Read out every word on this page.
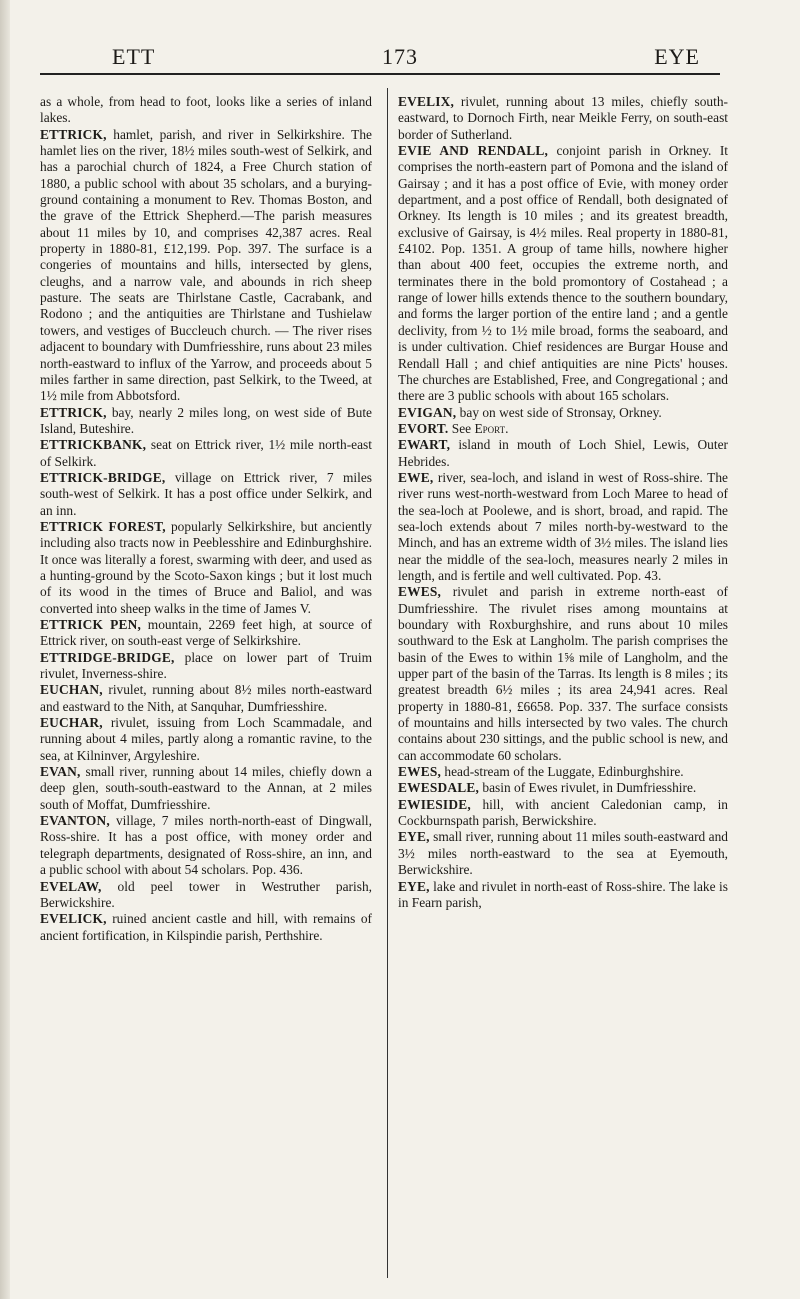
ETT	173	EYE

as a whole, from head to foot, looks like a series of inland lakes.

ETTRICK, hamlet, parish, and river in Selkirkshire. The hamlet lies on the river, 18½ miles south-west of Selkirk, and has a parochial church of 1824, a Free Church station of 1880, a public school with about 35 scholars, and a burying-ground containing a monument to Rev. Thomas Boston, and the grave of the Ettrick Shepherd.—The parish measures about 11 miles by 10, and comprises 42,387 acres. Real property in 1880-81, £12,199. Pop. 397. The surface is a congeries of mountains and hills, intersected by glens, cleughs, and a narrow vale, and abounds in rich sheep pasture. The seats are Thirlstane Castle, Cacrabank, and Rodono ; and the antiquities are Thirlstane and Tushielaw towers, and vestiges of Buccleuch church. — The river rises adjacent to boundary with Dumfriesshire, runs about 23 miles north-eastward to influx of the Yarrow, and proceeds about 5 miles farther in same direction, past Selkirk, to the Tweed, at 1½ mile from Abbotsford.

ETTRICK, bay, nearly 2 miles long, on west side of Bute Island, Buteshire.

ETTRICKBANK, seat on Ettrick river, 1½ mile north-east of Selkirk.

ETTRICK-BRIDGE, village on Ettrick river, 7 miles south-west of Selkirk. It has a post office under Selkirk, and an inn.

ETTRICK FOREST, popularly Selkirkshire, but anciently including also tracts now in Peeblesshire and Edinburghshire. It once was literally a forest, swarming with deer, and used as a hunting-ground by the Scoto-Saxon kings ; but it lost much of its wood in the times of Bruce and Baliol, and was converted into sheep walks in the time of James V.

ETTRICK PEN, mountain, 2269 feet high, at source of Ettrick river, on south-east verge of Selkirkshire.

ETTRIDGE-BRIDGE, place on lower part of Truim rivulet, Inverness-shire.

EUCHAN, rivulet, running about 8½ miles north-eastward and eastward to the Nith, at Sanquhar, Dumfriesshire.

EUCHAR, rivulet, issuing from Loch Scammadale, and running about 4 miles, partly along a romantic ravine, to the sea, at Kilninver, Argyleshire.

EVAN, small river, running about 14 miles, chiefly down a deep glen, south-south-eastward to the Annan, at 2 miles south of Moffat, Dumfriesshire.

EVANTON, village, 7 miles north-north-east of Dingwall, Ross-shire. It has a post office, with money order and telegraph departments, designated of Ross-shire, an inn, and a public school with about 54 scholars. Pop. 436.

EVELAW, old peel tower in Westruther parish, Berwickshire.

EVELICK, ruined ancient castle and hill, with remains of ancient fortification, in Kilspindie parish, Perthshire.

EVELIX, rivulet, running about 13 miles, chiefly south-eastward, to Dornoch Firth, near Meikle Ferry, on south-east border of Sutherland.

EVIE AND RENDALL, conjoint parish in Orkney. It comprises the north-eastern part of Pomona and the island of Gairsay ; and it has a post office of Evie, with money order department, and a post office of Rendall, both designated of Orkney. Its length is 10 miles ; and its greatest breadth, exclusive of Gairsay, is 4½ miles. Real property in 1880-81, £4102. Pop. 1351. A group of tame hills, nowhere higher than about 400 feet, occupies the extreme north, and terminates there in the bold promontory of Costahead ; a range of lower hills extends thence to the southern boundary, and forms the larger portion of the entire land ; and a gentle declivity, from ½ to 1½ mile broad, forms the seaboard, and is under cultivation. Chief residences are Burgar House and Rendall Hall ; and chief antiquities are nine Picts' houses. The churches are Established, Free, and Congregational ; and there are 3 public schools with about 165 scholars.

EVIGAN, bay on west side of Stronsay, Orkney.

EVORT. See Eport.

EWART, island in mouth of Loch Shiel, Lewis, Outer Hebrides.

EWE, river, sea-loch, and island in west of Ross-shire. The river runs west-north-westward from Loch Maree to head of the sea-loch at Poolewe, and is short, broad, and rapid. The sea-loch extends about 7 miles north-by-westward to the Minch, and has an extreme width of 3½ miles. The island lies near the middle of the sea-loch, measures nearly 2 miles in length, and is fertile and well cultivated. Pop. 43.

EWES, rivulet and parish in extreme north-east of Dumfriesshire. The rivulet rises among mountains at boundary with Roxburghshire, and runs about 10 miles southward to the Esk at Langholm. The parish comprises the basin of the Ewes to within 1⅝ mile of Langholm, and the upper part of the basin of the Tarras. Its length is 8 miles ; its greatest breadth 6½ miles ; its area 24,941 acres. Real property in 1880-81, £6658. Pop. 337. The surface consists of mountains and hills intersected by two vales. The church contains about 230 sittings, and the public school is new, and can accommodate 60 scholars.

EWES, head-stream of the Luggate, Edinburghshire.

EWESDALE, basin of Ewes rivulet, in Dumfriesshire.

EWIESIDE, hill, with ancient Caledonian camp, in Cockburnspath parish, Berwickshire.

EYE, small river, running about 11 miles south-eastward and 3½ miles north-eastward to the sea at Eyemouth, Berwickshire.

EYE, lake and rivulet in north-east of Ross-shire. The lake is in Fearn parish,
